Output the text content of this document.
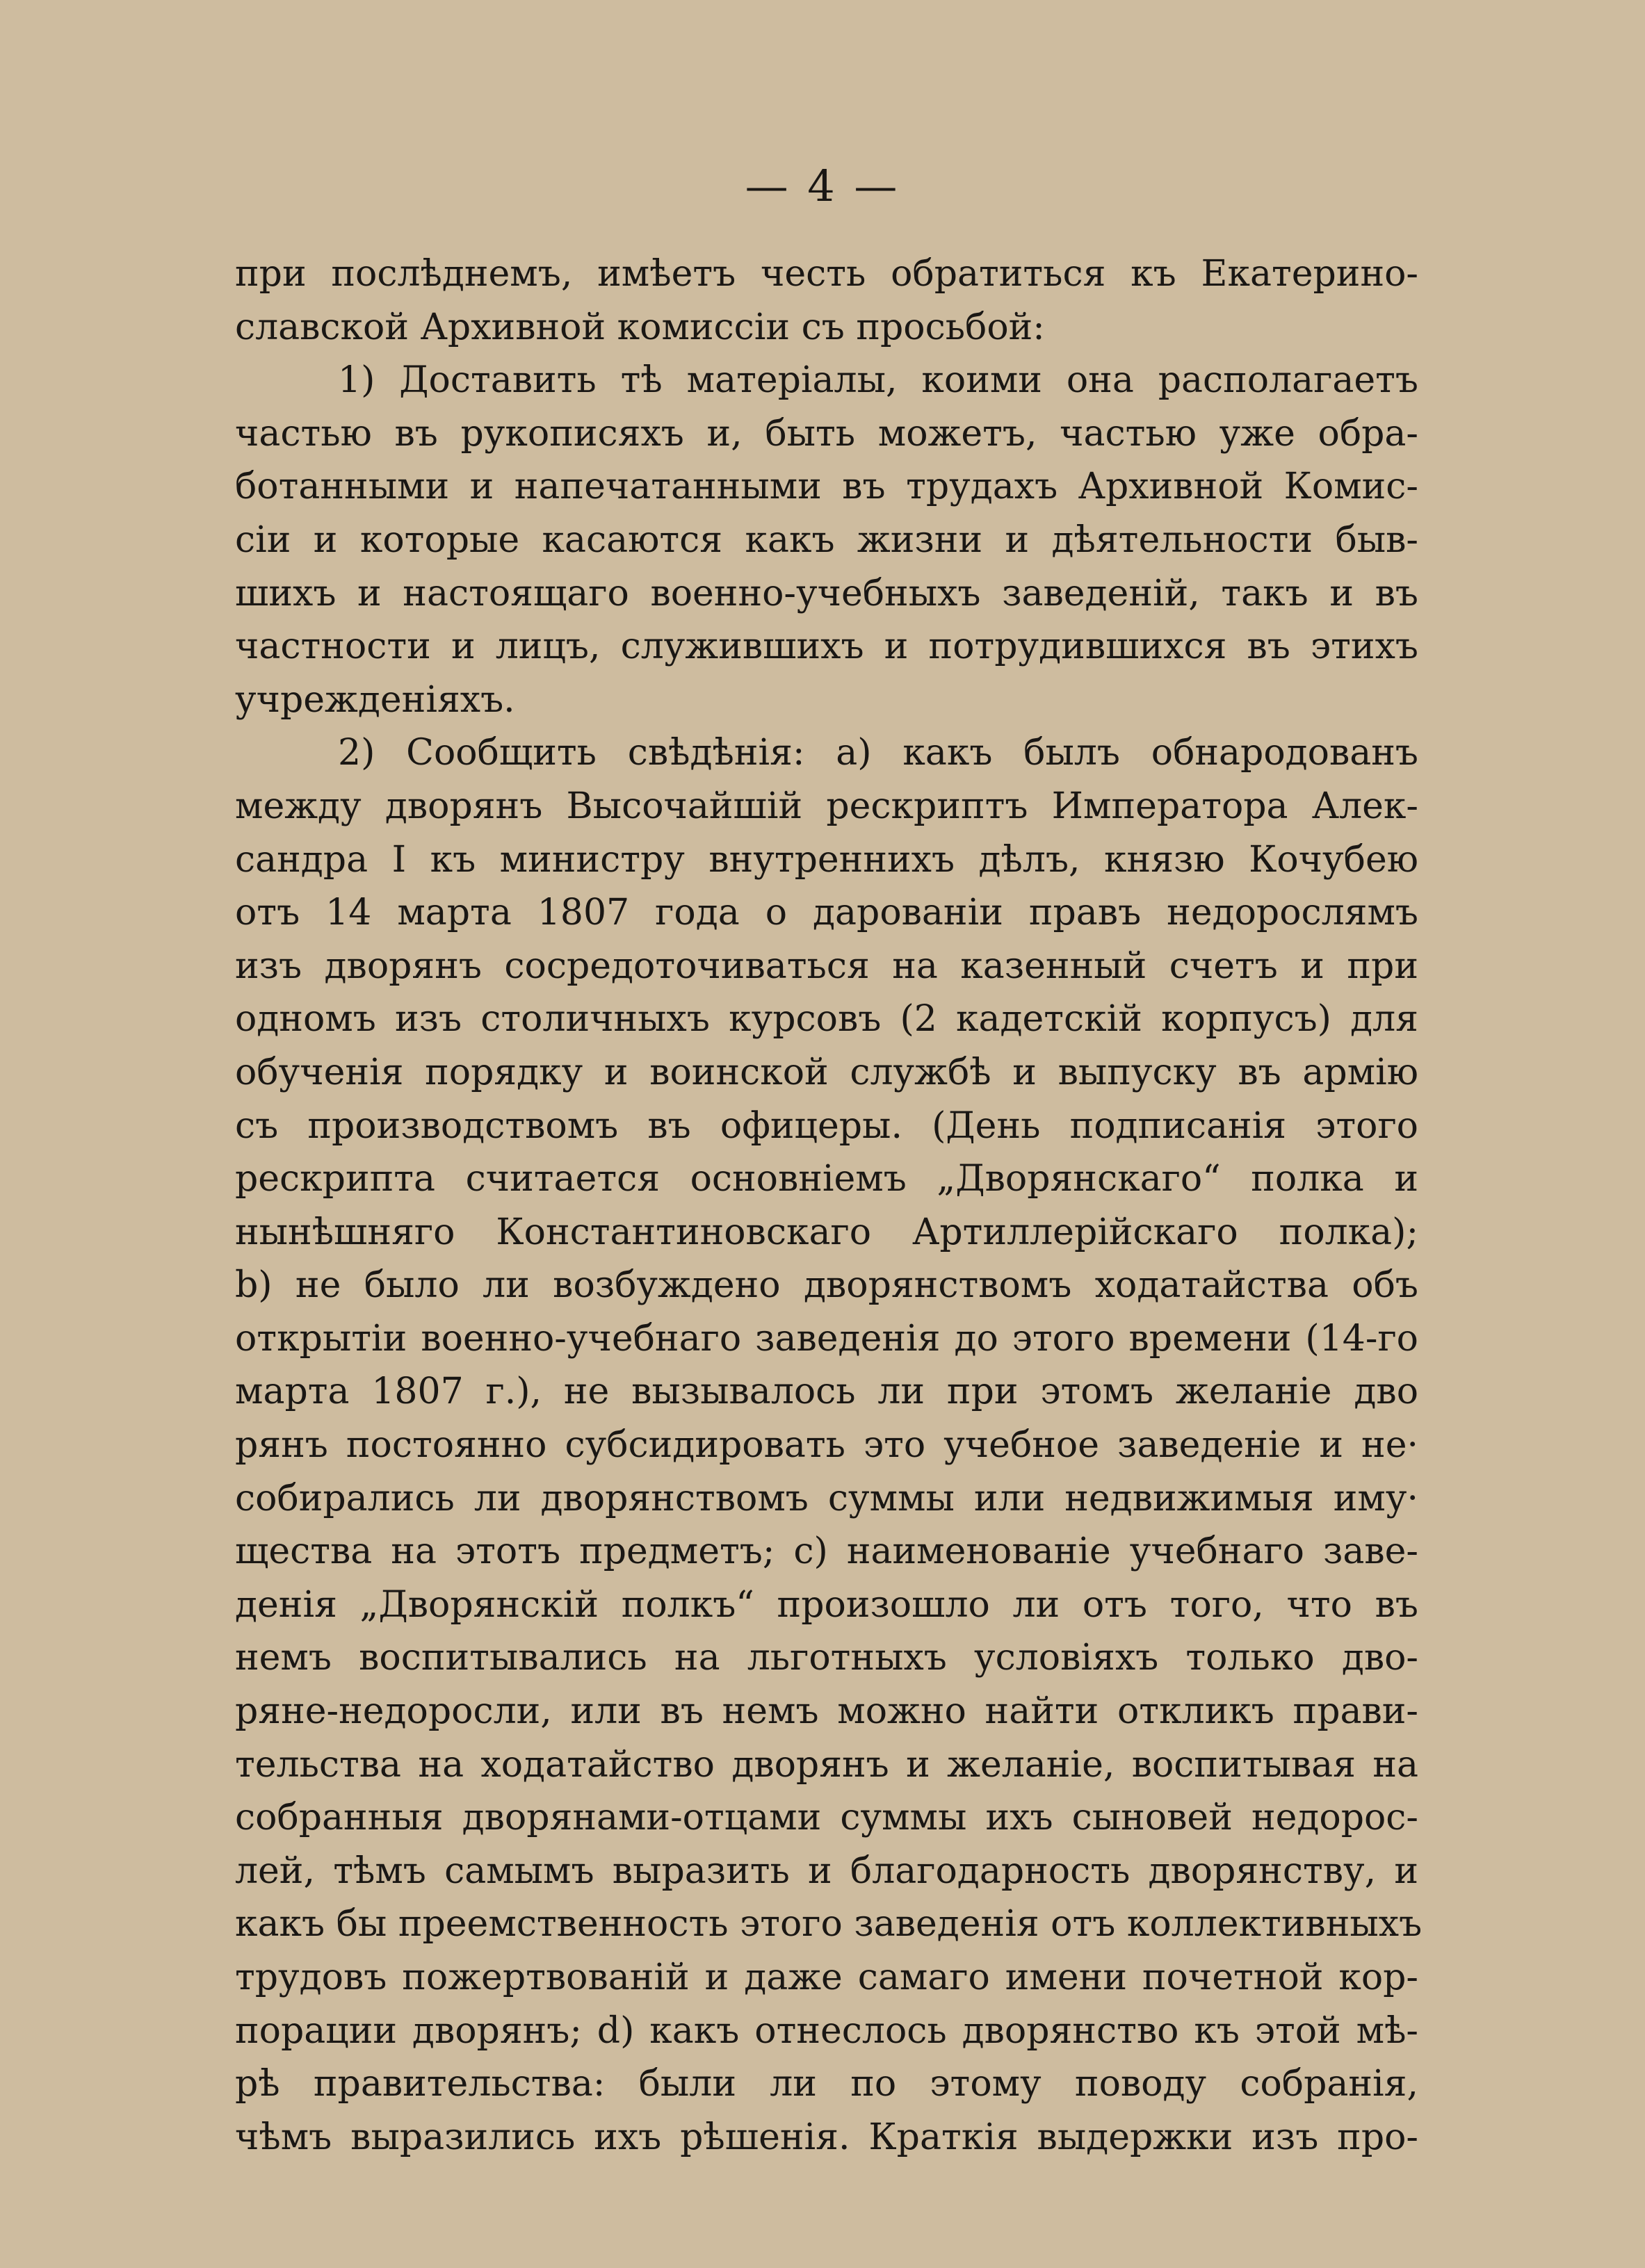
— 4 —
при послѣднемъ, имѣетъ честь обратиться къ Екатерино-
славской Архивной комиссіи съ просьбой:
1) Доставить тѣ матеріалы, коими она располагаетъ
частью въ рукописяхъ и, быть можетъ, частью уже обра-
ботанными и напечатанными въ трудахъ Архивной Комис-
сіи и которые касаются какъ жизни и дѣятельности быв-
шихъ и настоящаго военно-учебныхъ заведеній, такъ и въ
частности и лицъ, служившихъ и потрудившихся въ этихъ
учрежденіяхъ.
2) Сообщить свѣдѣнія: а) какъ былъ обнародованъ
между дворянъ Высочайшій рескриптъ Императора Алек-
сандра I къ министру внутреннихъ дѣлъ, князю Кочубею
отъ 14 марта 1807 года о дарованіи правъ недорослямъ
изъ дворянъ сосредоточиваться на казенный счетъ и при
одномъ изъ столичныхъ курсовъ (2 кадетскій корпусъ) для
обученія порядку и воинской службѣ и выпуску въ армію
съ производствомъ въ офицеры. (День подписанія этого
рескрипта считается основніемъ „Дворянскаго“ полка и
нынѣшняго Константиновскаго Артиллерійскаго полка);
b) не было ли возбуждено дворянствомъ ходатайства объ
открытіи военно-учебнаго заведенія до этого времени (14-го
марта 1807 г.), не вызывалось ли при этомъ желаніе дво
рянъ постоянно субсидировать это учебное заведеніе и не·
собирались ли дворянствомъ суммы или недвижимыя иму·
щества на этотъ предметъ; с) наименованіе учебнаго заве-
денія „Дворянскій полкъ“ произошло ли отъ того, что въ
немъ воспитывались на льготныхъ условіяхъ только дво-
ряне-недоросли, или въ немъ можно найти откликъ прави-
тельства на ходатайство дворянъ и желаніе, воспитывая на
собранныя дворянами-отцами суммы ихъ сыновей недорос-
лей, тѣмъ самымъ выразить и благодарность дворянству, и
какъ бы преемственность этого заведенія отъ коллективныхъ
трудовъ пожертвованій и даже самаго имени почетной кор-
порации дворянъ; d) какъ отнеслось дворянство къ этой мѣ-
рѣ правительства: были ли по этому поводу собранія,
чѣмъ выразились ихъ рѣшенія. Краткія выдержки изъ про-
